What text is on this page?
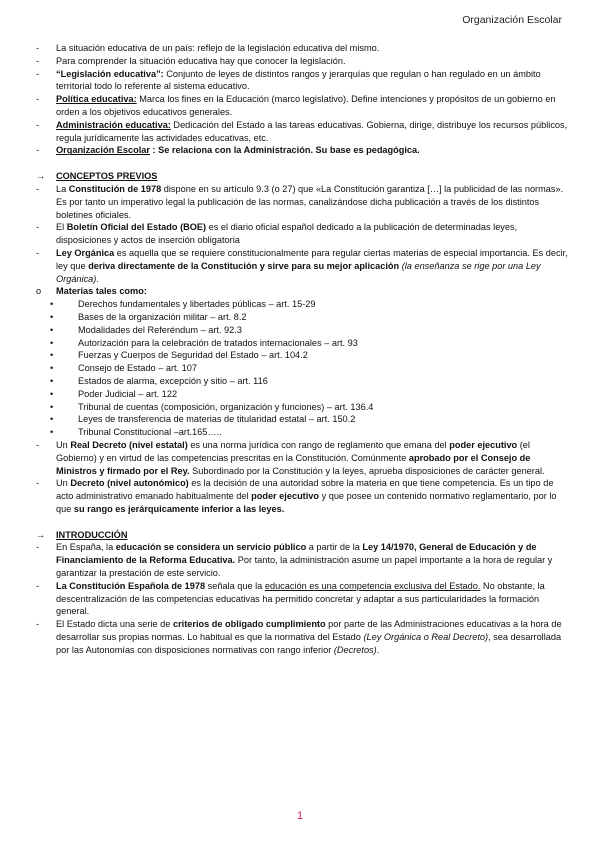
Organización Escolar

-	La situación educativa de un país: reflejo de la legislación educativa del mismo.

-	Para comprender la situación educativa hay que conocer la legislación.

-	“Legislación educativa”: Conjunto de leyes de distintos rangos y jerarquías que regulan o han regulado en un ámbito territorial todo lo referente al sistema educativo.

-	Política educativa: Marca los fines en la Educación (marco legislativo). Define intenciones y propósitos de un gobierno en orden a los objetivos educativos generales.

-	Administración educativa: Dedicación del Estado a las tareas educativas. Gobierna, dirige, distribuye los recursos públicos, regula jurídicamente las actividades educativas, etc.

-	Organización Escolar : Se relaciona con la Administración. Su base es pedagógica.

→ CONCEPTOS PREVIOS

-	La Constitución de 1978 dispone en su artículo 9.3 (o 27) que «La Constitución garantiza […] la publicidad de las normas». Es por tanto un imperativo legal la publicación de las normas, canalizándose dicha publicación a través de los distintos boletines oficiales.

-	El Boletín Oficial del Estado (BOE) es el diario oficial español dedicado a la publicación de determinadas leyes, disposiciones y actos de inserción obligatoria

-	Ley Orgánica es aquella que se requiere constitucionalmente para regular ciertas materias de especial importancia. Es decir, ley que deriva directamente de la Constitución y sirve para su mejor aplicación (la enseñanza se rige por una Ley Orgánica).

o	Materias tales como:

•	Derechos fundamentales y libertades públicas – art. 15-29

•	Bases de la organización militar – art. 8.2

•	Modalidades del Referéndum – art. 92.3

•	Autorización para la celebración de tratados internacionales – art. 93

•	Fuerzas y Cuerpos de Seguridad del Estado – art. 104.2

•	Consejo de Estado – art. 107

•	Estados de alarma, excepción y sitio – art. 116

•	Poder Judicial – art. 122

•	Tribunal de cuentas (composición, organización y funciones) – art. 136.4

•	Leyes de transferencia de materias de titularidad estatal – art. 150.2

•	Tribunal Constitucional –art.165…..

-	Un Real Decreto (nivel estatal) es una norma jurídica con rango de reglamento que emana del poder ejecutivo (el Gobierno) y en virtud de las competencias prescritas en la Constitución. Comúnmente aprobado por el Consejo de Ministros y firmado por el Rey. Subordinado por la Constitución y la leyes, aprueba disposiciones de carácter general.

-	Un Decreto (nivel autonómico) es la decisión de una autoridad sobre la materia en que tiene competencia. Es un tipo de acto administrativo emanado habitualmente del poder ejecutivo y que posee un contenido normativo reglamentario, por lo que su rango es jerárquicamente inferior a las leyes.

→ INTRODUCCIÓN

-	En España, la educación se considera un servicio público a partir de la Ley 14/1970, General de Educación y de Financiamiento de la Reforma Educativa. Por tanto, la administración asume un papel importante a la hora de regular y garantizar la prestación de este servicio.

-	La Constitución Española de 1978 señala que la educación es una competencia exclusiva del Estado. No obstante, la descentralización de las competencias educativas ha permitido concretar y adaptar a sus particularidades la formación general.

-	El Estado dicta una serie de criterios de obligado cumplimiento por parte de las Administraciones educativas a la hora de desarrollar sus propias normas. Lo habitual es que la normativa del Estado (Ley Orgánica o Real Decreto), sea desarrollada por las Autonomías con disposiciones normativas con rango inferior (Decretos).

1
